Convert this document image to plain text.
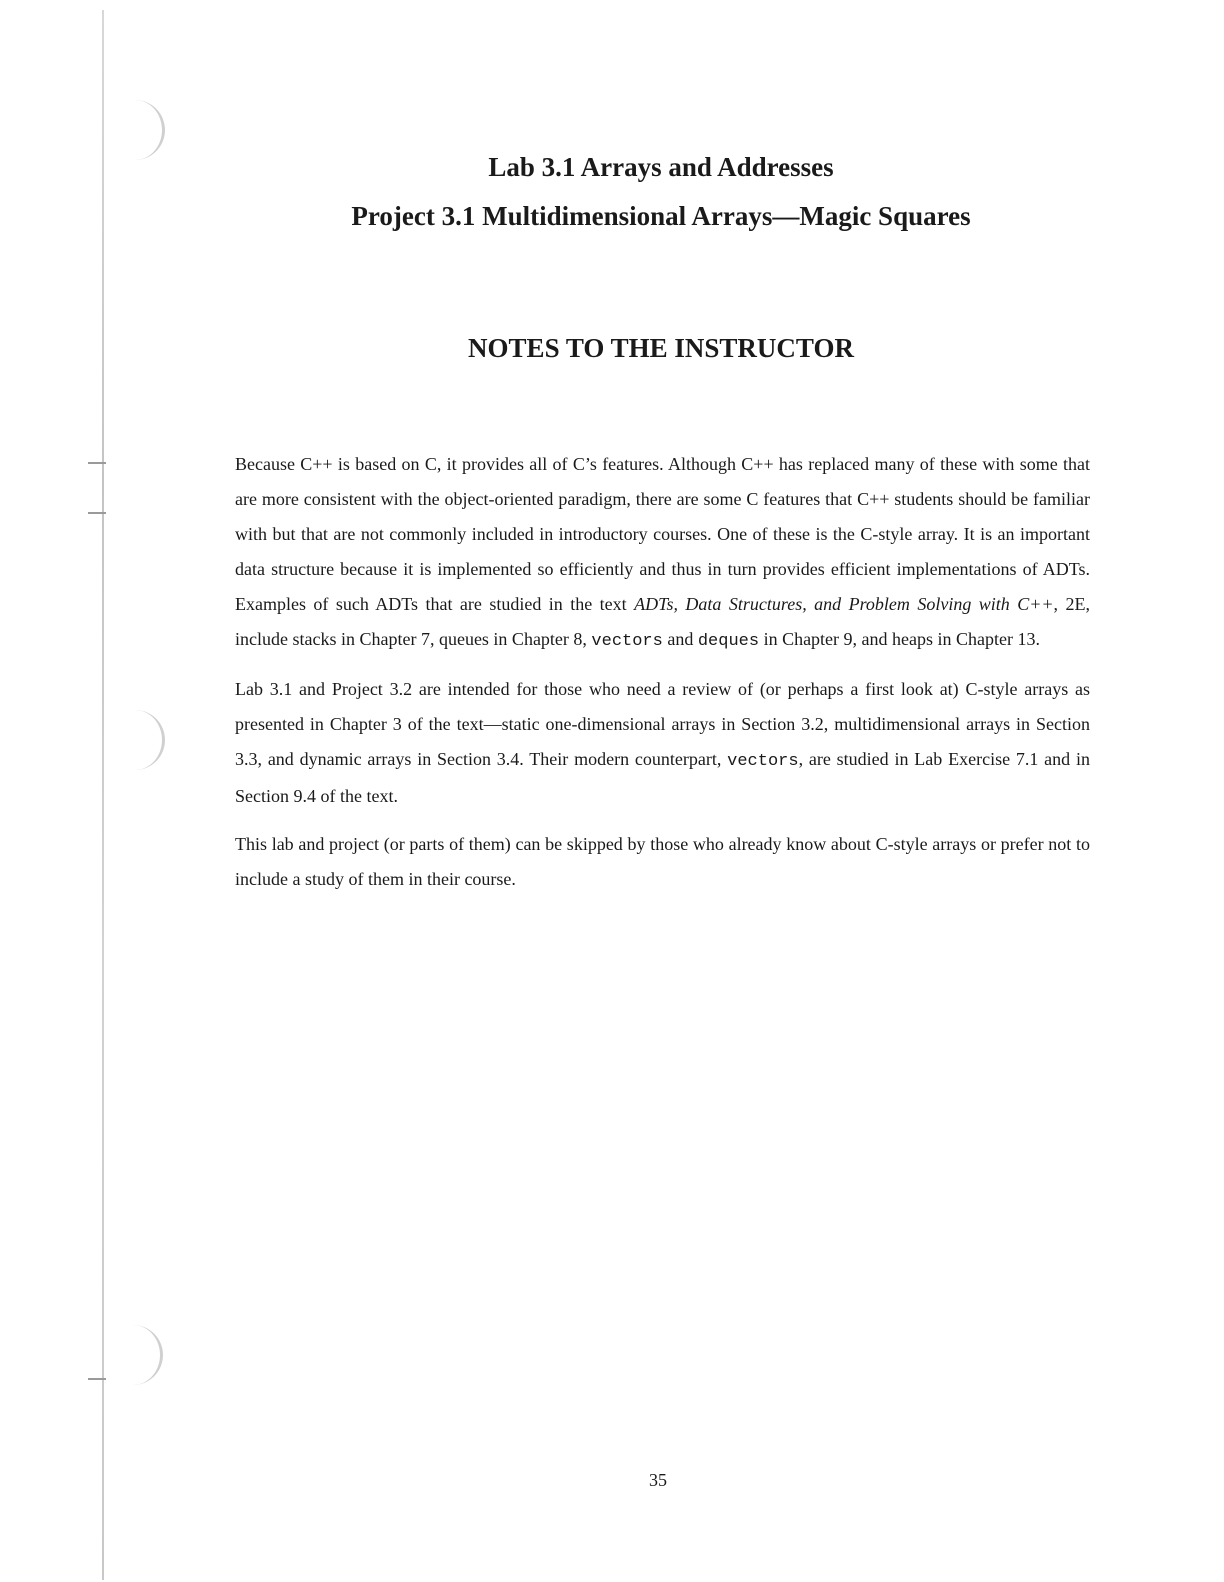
Lab 3.1 Arrays and Addresses
Project 3.1 Multidimensional Arrays—Magic Squares
NOTES TO THE INSTRUCTOR

Because C++ is based on C, it provides all of C’s features. Although C++ has replaced many of these with some that are more consistent with the object-oriented paradigm, there are some C features that C++ students should be familiar with but that are not commonly included in introductory courses. One of these is the C-style array. It is an important data structure because it is implemented so efficiently and thus in turn provides efficient implementations of ADTs. Examples of such ADTs that are studied in the text ADTs, Data Structures, and Problem Solving with C++, 2E, include stacks in Chapter 7, queues in Chapter 8, vectors and deques in Chapter 9, and heaps in Chapter 13.

Lab 3.1 and Project 3.2 are intended for those who need a review of (or perhaps a first look at) C-style arrays as presented in Chapter 3 of the text—static one-dimensional arrays in Section 3.2, multidimensional arrays in Section 3.3, and dynamic arrays in Section 3.4. Their modern counterpart, vectors, are studied in Lab Exercise 7.1 and in Section 9.4 of the text.

This lab and project (or parts of them) can be skipped by those who already know about C-style arrays or prefer not to include a study of them in their course.

35
